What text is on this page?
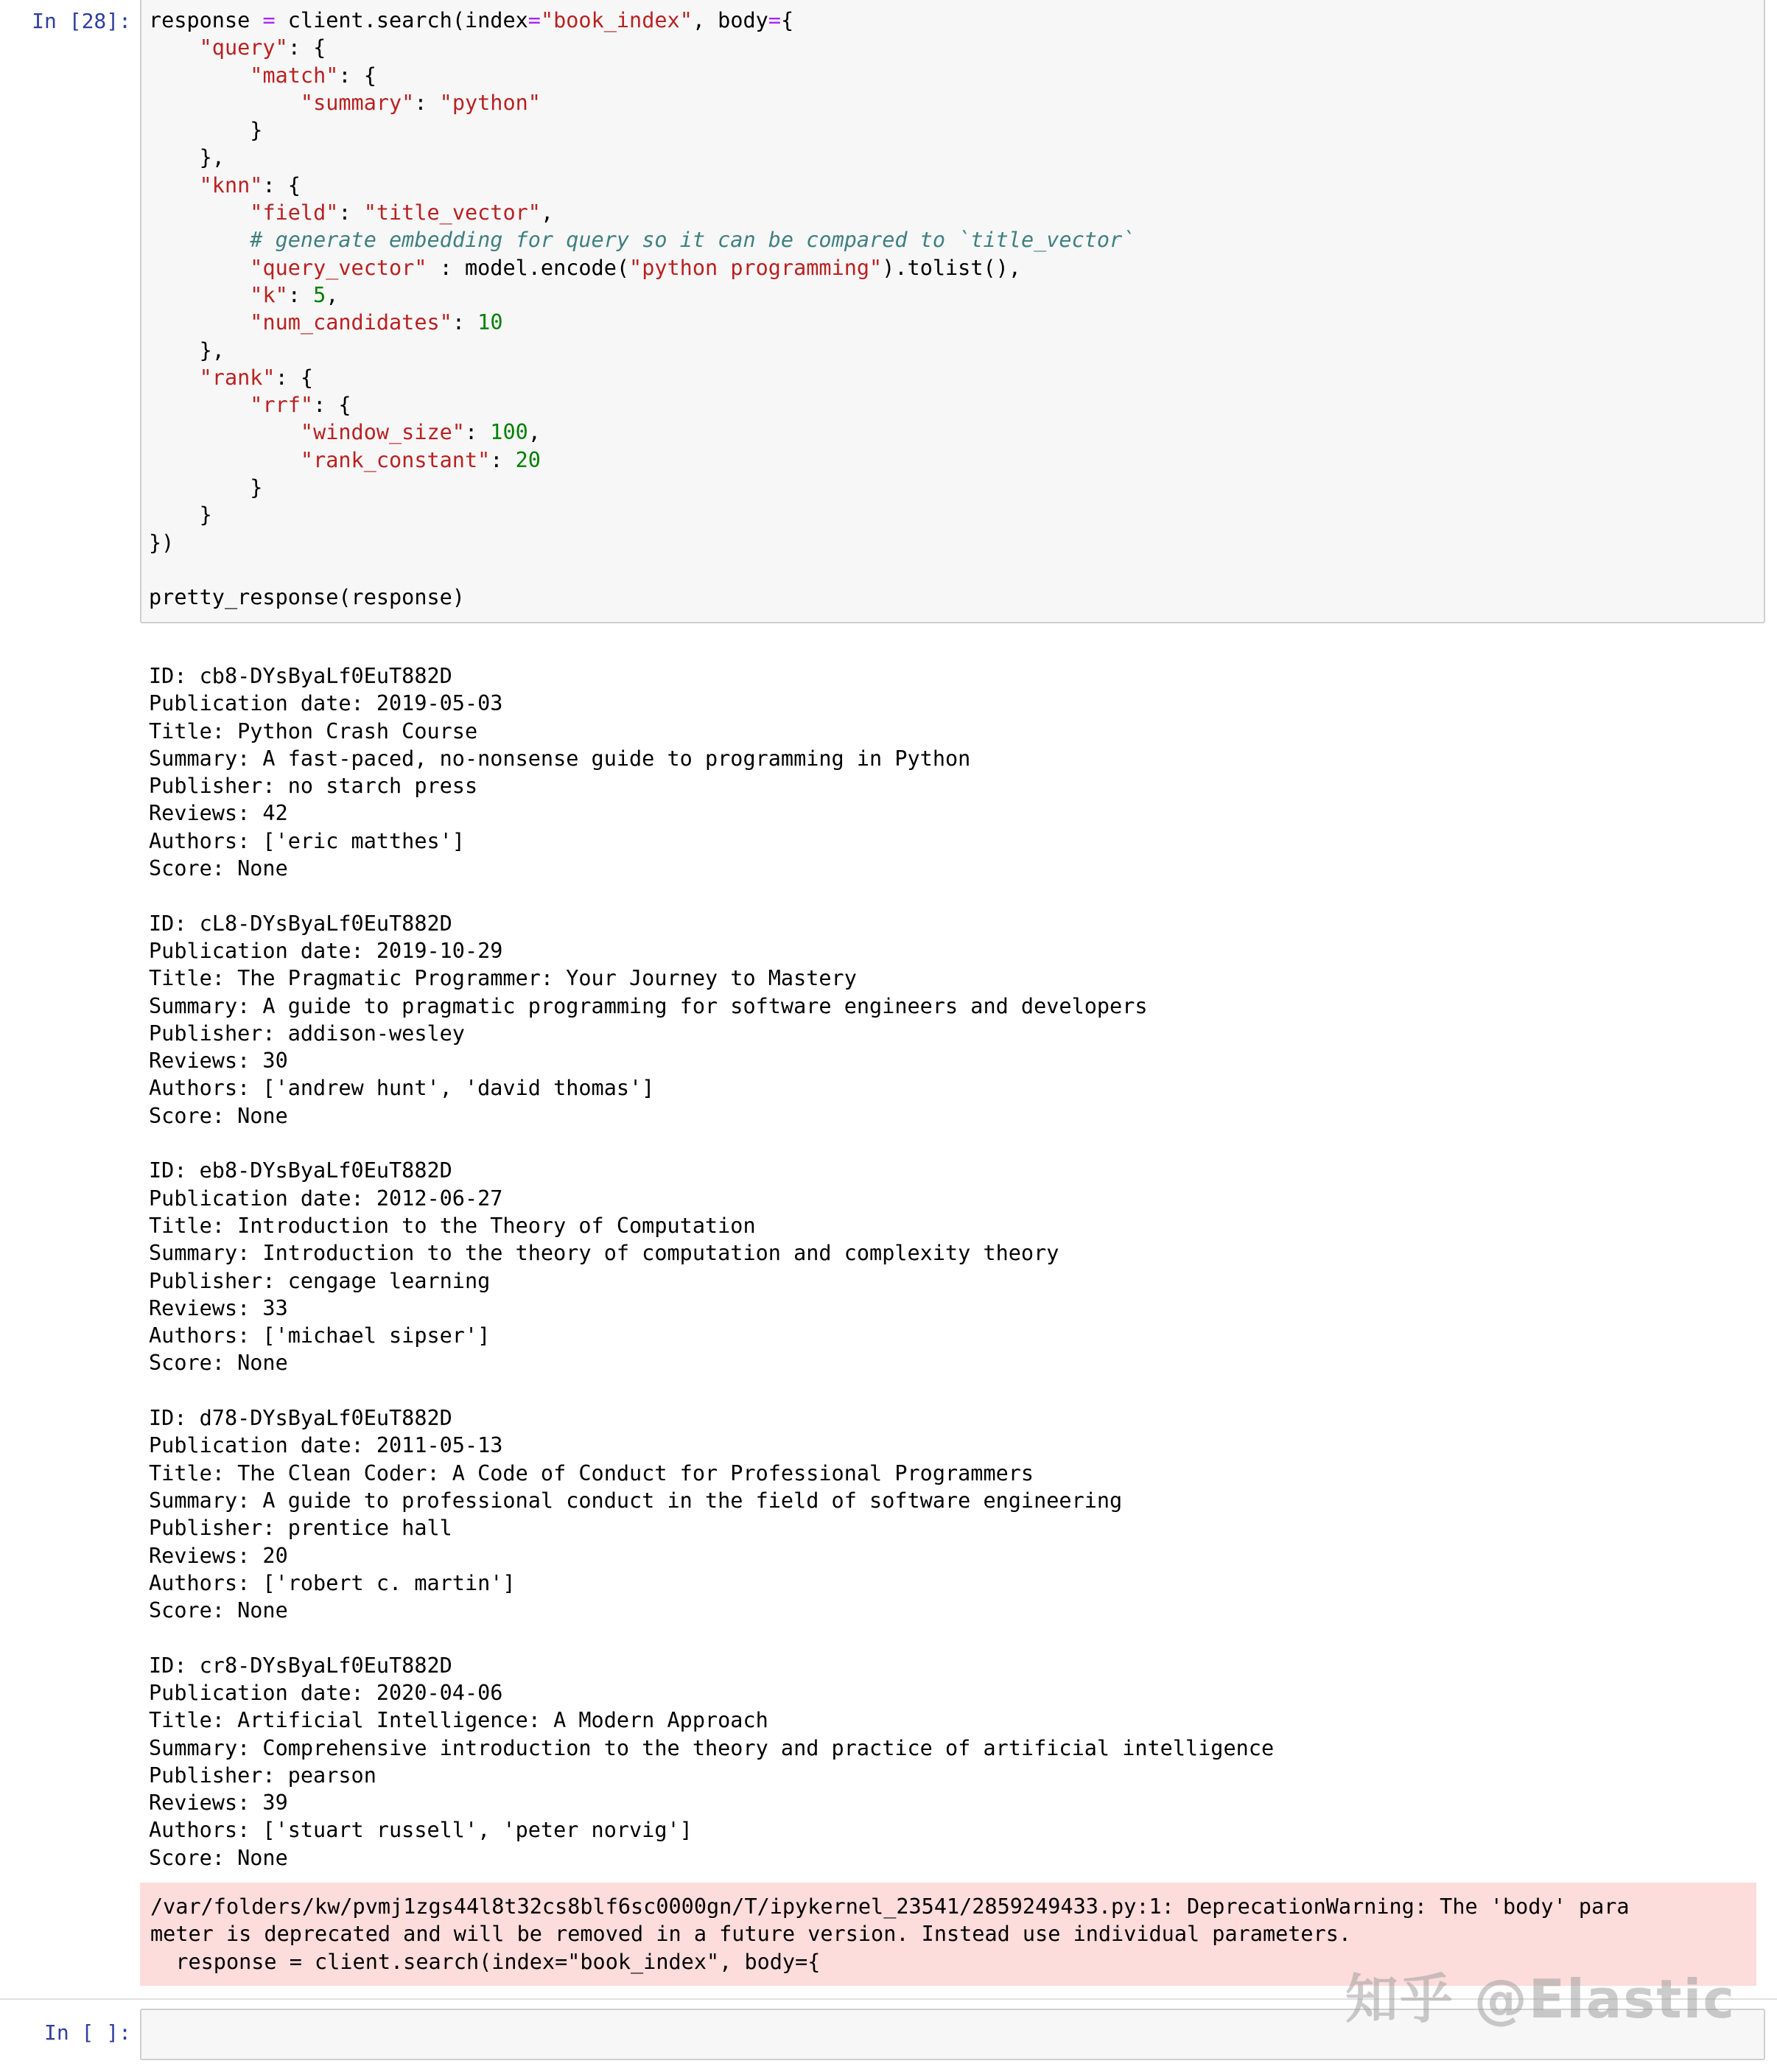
In [28]: response = client.search(index="book_index", body={
"query": {
"match": {
"summary": "python"
}
},
"knn": {
"field": "title_vector",
# generate embedding for query so it can be compared to `title_vector`
"query_vector" : model.encode("python programming").tolist(),
"k": 5,
"num_candidates": 10
},
"rank": {
"rrf": {
"window_size": 100,
"rank_constant": 20
}
}
})

pretty_response(response)
ID: cb8-DYsByaLf0EuT882D
Publication date: 2019-05-03
Title: Python Crash Course
Summary: A fast-paced, no-nonsense guide to programming in Python
Publisher: no starch press
Reviews: 42
Authors: ['eric matthes']
Score: None

ID: cL8-DYsByaLf0EuT882D
Publication date: 2019-10-29
Title: The Pragmatic Programmer: Your Journey to Mastery
Summary: A guide to pragmatic programming for software engineers and developers
Publisher: addison-wesley
Reviews: 30
Authors: ['andrew hunt', 'david thomas']
Score: None

ID: eb8-DYsByaLf0EuT882D
Publication date: 2012-06-27
Title: Introduction to the Theory of Computation
Summary: Introduction to the theory of computation and complexity theory
Publisher: cengage learning
Reviews: 33
Authors: ['michael sipser']
Score: None

ID: d78-DYsByaLf0EuT882D
Publication date: 2011-05-13
Title: The Clean Coder: A Code of Conduct for Professional Programmers
Summary: A guide to professional conduct in the field of software engineering
Publisher: prentice hall
Reviews: 20
Authors: ['robert c. martin']
Score: None

ID: cr8-DYsByaLf0EuT882D
Publication date: 2020-04-06
Title: Artificial Intelligence: A Modern Approach
Summary: Comprehensive introduction to the theory and practice of artificial intelligence
Publisher: pearson
Reviews: 39
Authors: ['stuart russell', 'peter norvig']
Score: None

/var/folders/kw/pvmj1zgs44l8t32cs8blf6sc0000gn/T/ipykernel_23541/2859249433.py:1: DeprecationWarning: The 'body' para
meter is deprecated and will be removed in a future version. Instead use individual parameters.
response = client.search(index="book_index", body={
In [ ]:
知乎 @Elastic
